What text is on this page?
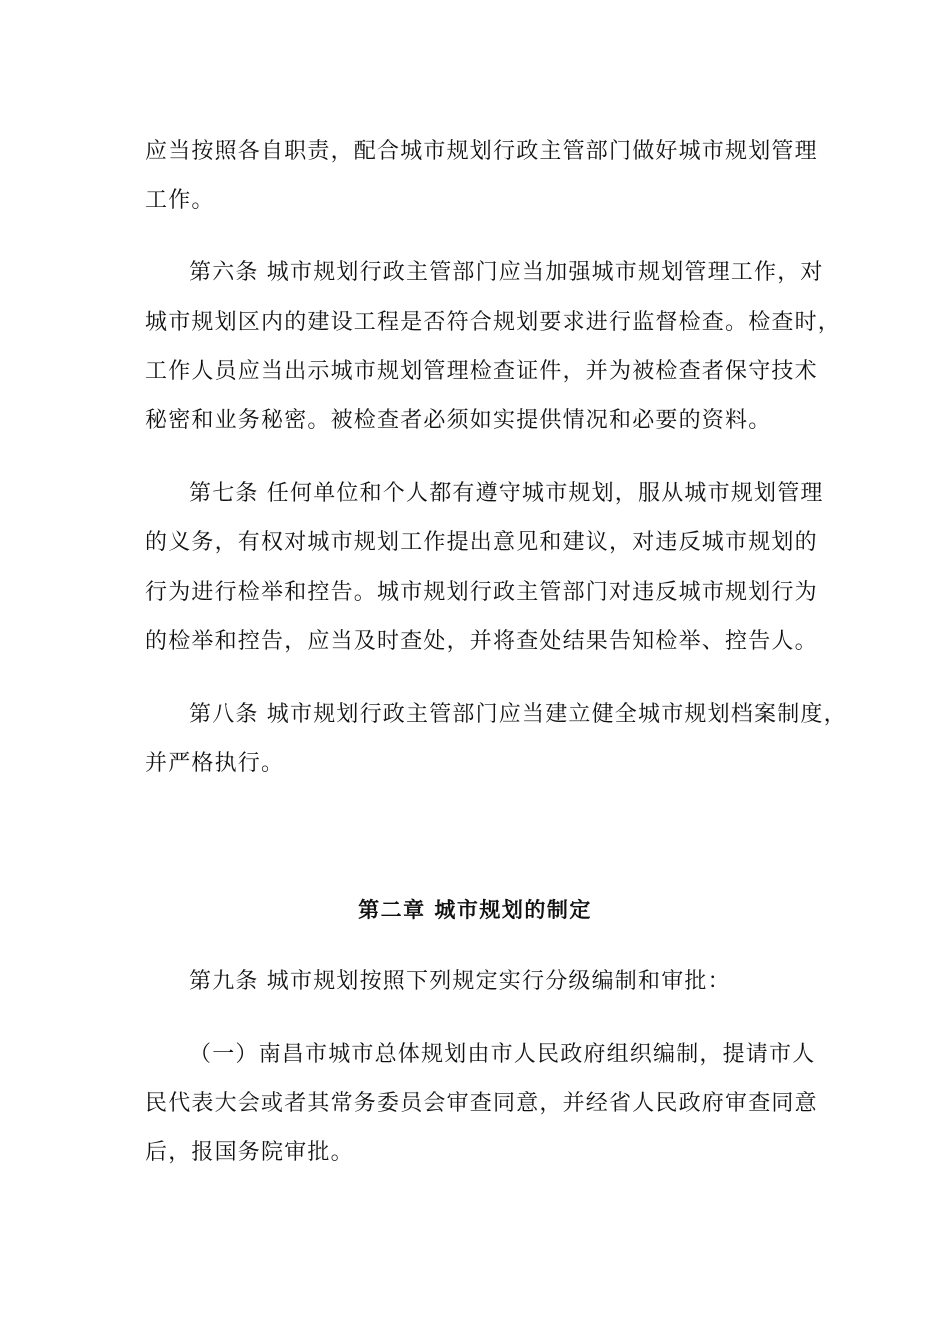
应当按照各自职责，配合城市规划行政主管部门做好城市规划管理
工作。
第六条 城市规划行政主管部门应当加强城市规划管理工作，对
城市规划区内的建设工程是否符合规划要求进行监督检查。检查时，
工作人员应当出示城市规划管理检查证件，并为被检查者保守技术
秘密和业务秘密。被检查者必须如实提供情况和必要的资料。
第七条 任何单位和个人都有遵守城市规划，服从城市规划管理
的义务，有权对城市规划工作提出意见和建议，对违反城市规划的
行为进行检举和控告。城市规划行政主管部门对违反城市规划行为
的检举和控告，应当及时查处，并将查处结果告知检举、控告人。
第八条 城市规划行政主管部门应当建立健全城市规划档案制度，
并严格执行。
第二章 城市规划的制定
第九条 城市规划按照下列规定实行分级编制和审批：
（一）南昌市城市总体规划由市人民政府组织编制，提请市人
民代表大会或者其常务委员会审查同意，并经省人民政府审查同意
后，报国务院审批。
